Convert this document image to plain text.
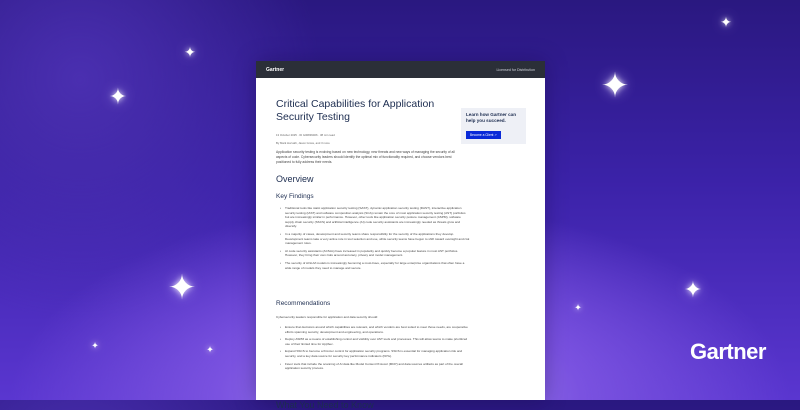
✦
✦
✦
✦
✦	✦
✦	✦
✦
Gartner
Gartner	Licensed for Distribution
Critical Capabilities for Application Security Testing
13 October 2025 · ID G00839466 · 38 min read
By Mark Horvath, Jason Gross, and 3 more
Application security testing is evolving based on new technology, new threats and new ways of managing the security of all aspects of code. Cybersecurity leaders should identify the optimal mix of functionality required, and choose vendors best positioned to fully address their needs.
Learn how Gartner can help you succeed.
Become a Client ↗
Overview
Key Findings
• Traditional tools like static application security testing (SAST), dynamic application security testing (DAST), interactive application security testing (IAST) and software composition analysis (SCA) remain the core of most application security testing (AST) portfolios but are increasingly similar in performance. However, other tools like application security posture management (ASPM), software supply chain security (SSCS) and artificial intelligence (AI) code security assistants are increasingly needed as threats grow and diversify.
• In a majority of cases, development and security teams share responsibility for the security of the applications they develop. Development teams take a very active role in tool selection and use, while security teams have begun to shift toward oversight and risk management roles.
• AI code security assistants (ACSAs) have increased in popularity and quickly become a popular feature in most AST portfolios. However, they bring their own risks around accuracy, privacy and model management.
• The security of AI/LLM models is increasingly becoming a must-have, especially for large enterprise organizations that often have a wide range of models they need to manage and secure.
Recommendations
Cybersecurity leaders responsible for application and data security should:
• Ensure that decisions around which capabilities are relevant, and which vendors are best suited to meet those needs, are cooperative efforts spanning security, development and engineering, and operations.
• Deploy ASPM as a means of establishing control and visibility over AST tools and processes. This will allow teams to make prioritized use of their limited time for AppSec.
• Expand SSCS to become a first-tier control for application security programs. SSCS is essential for managing application risk and security, and a key data source for security key performance indicators (KPIs).
• Favor tools that include the scanning of AI data like Model Context Protocol (MCP) and data sources artifacts as part of the overall application security process.
What You Need to Know
